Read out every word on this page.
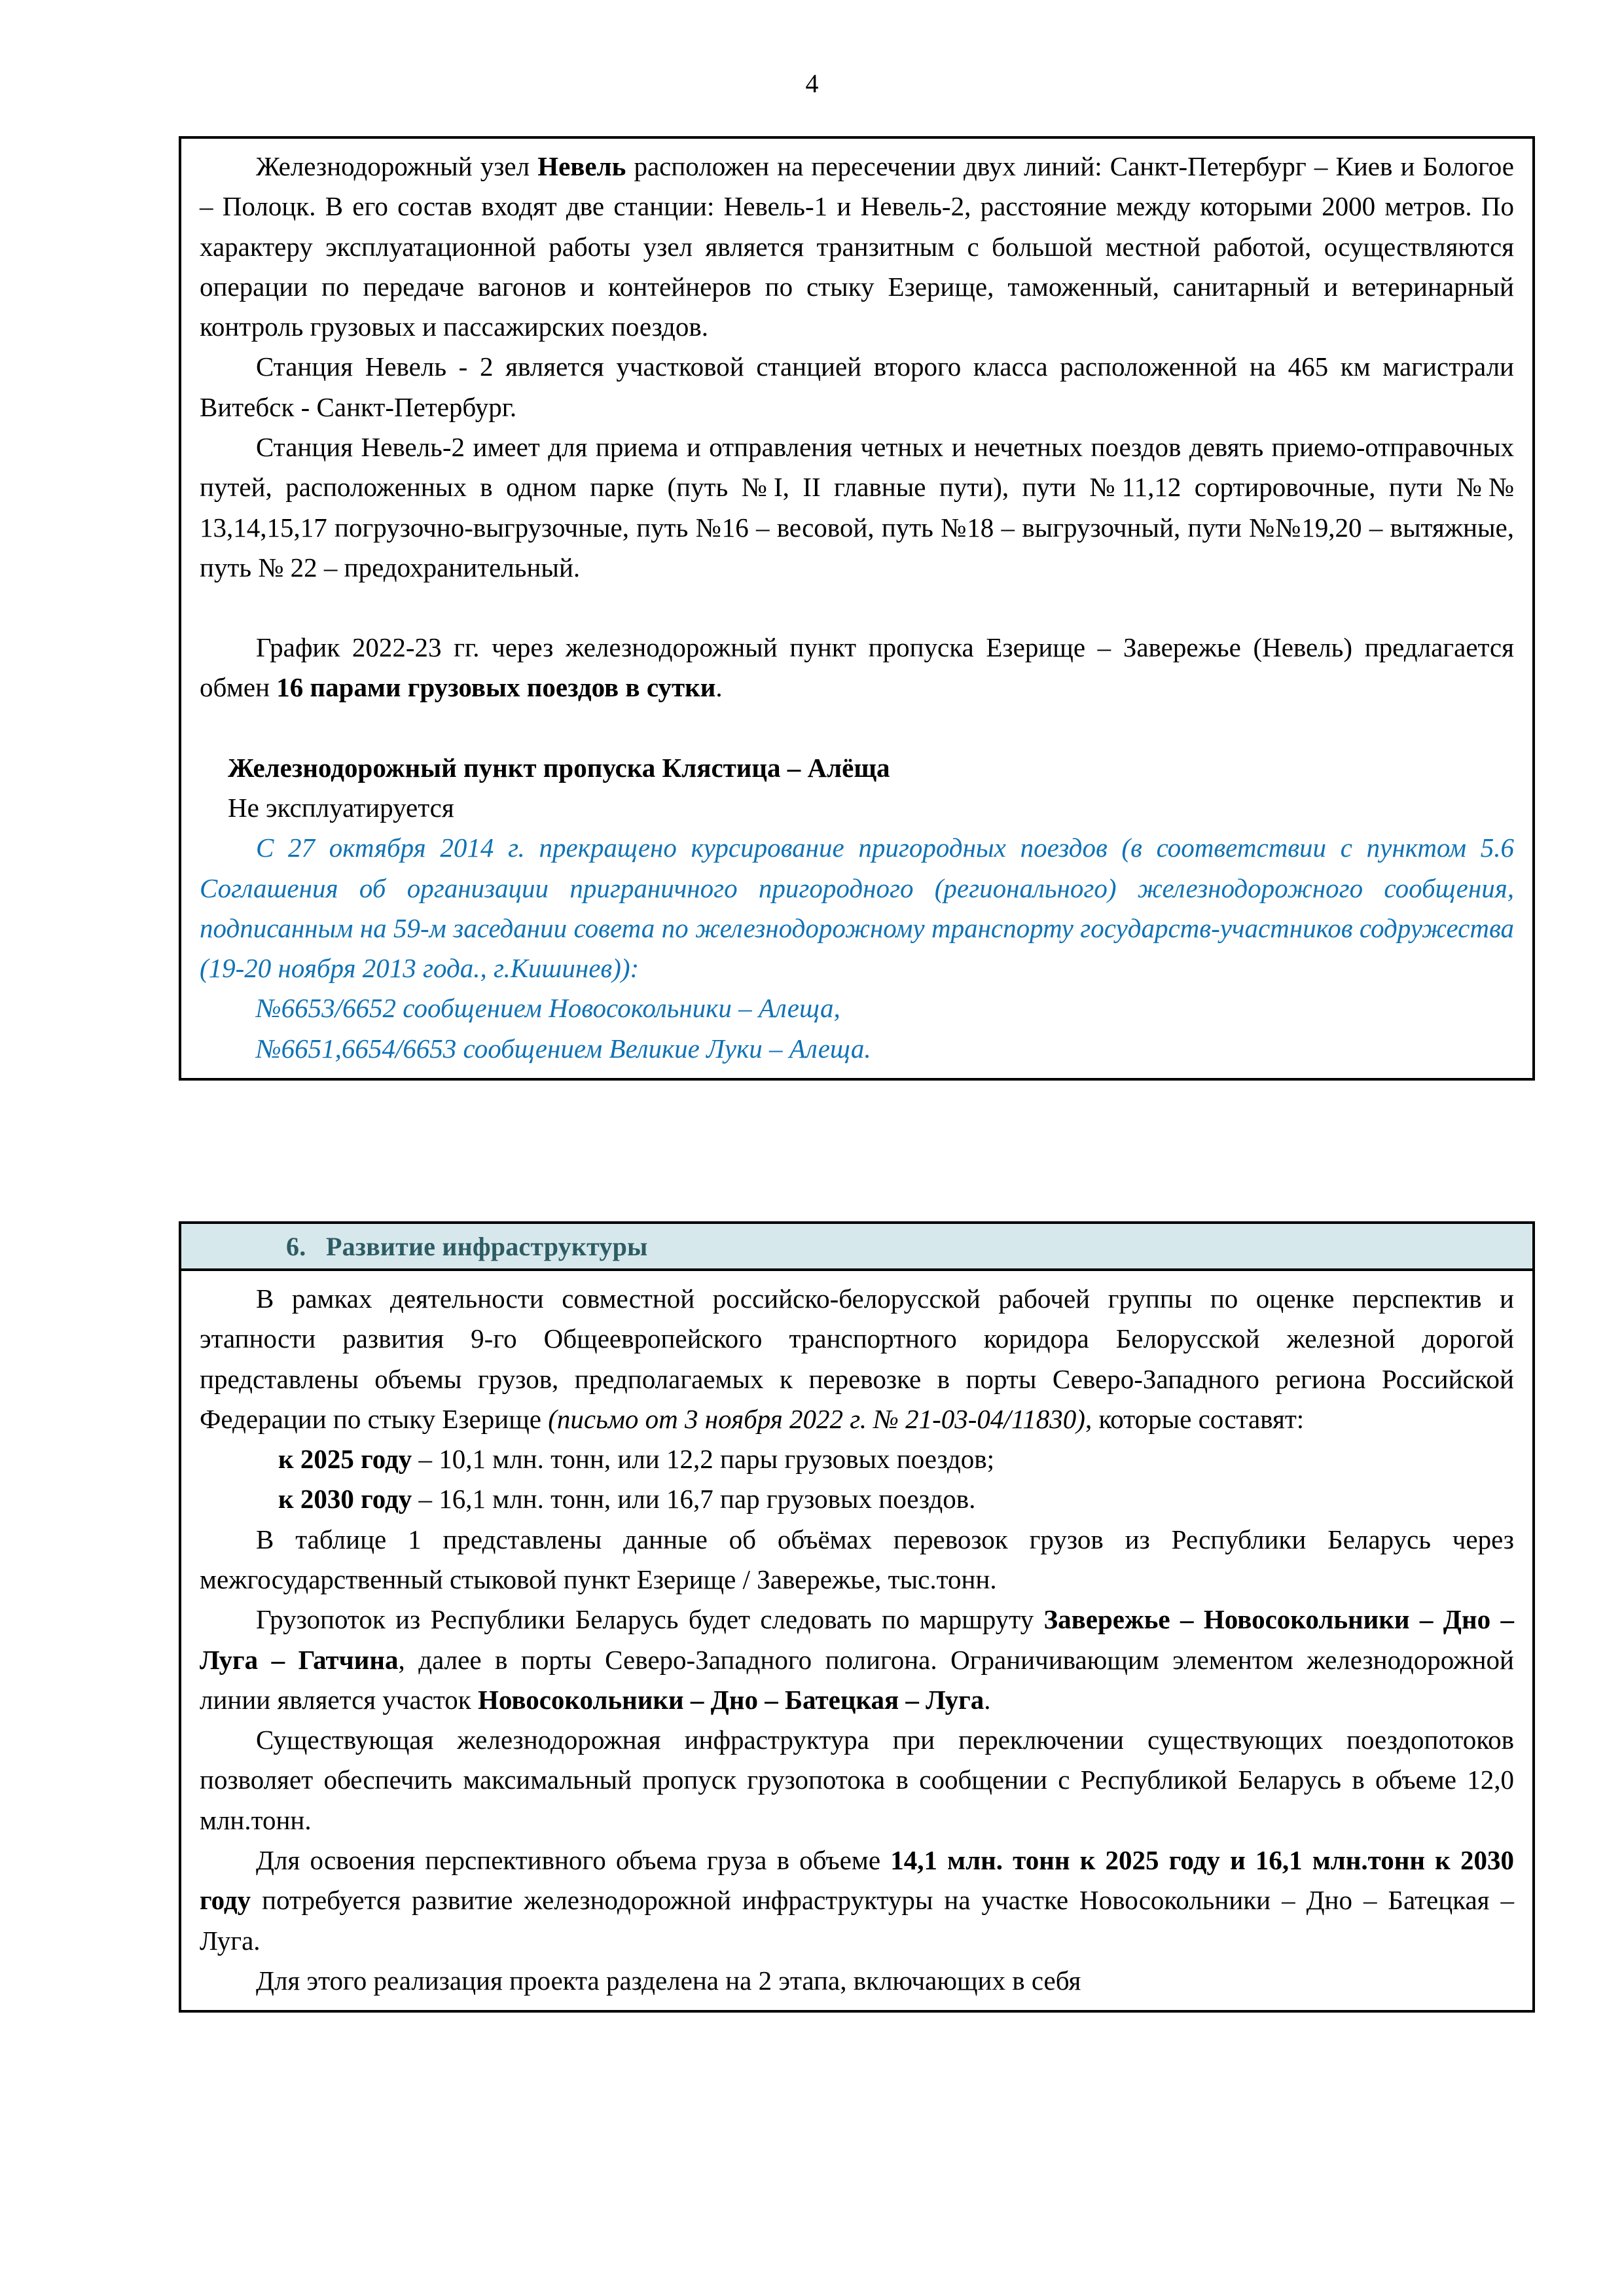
4

Железнодорожный узел Невель расположен на пересечении двух линий: Санкт-Петербург – Киев и Бологое – Полоцк. В его состав входят две станции: Невель-1 и Невель-2, расстояние между которыми 2000 метров. По характеру эксплуатационной работы узел является транзитным с большой местной работой, осуществляются операции по передаче вагонов и контейнеров по стыку Езерище, таможенный, санитарный и ветеринарный контроль грузовых и пассажирских поездов.

Станция Невель - 2 является участковой станцией второго класса расположенной на 465 км магистрали Витебск - Санкт-Петербург.

Станция Невель-2 имеет для приема и отправления четных и нечетных поездов девять приемо-отправочных путей, расположенных в одном парке (путь №I, II главные пути), пути №11,12 сортировочные, пути №№ 13,14,15,17 погрузочно-выгрузочные, путь №16 – весовой, путь №18 – выгрузочный, пути №№19,20 – вытяжные, путь № 22 – предохранительный.

График 2022-23 гг. через железнодорожный пункт пропуска Езерище – Завережье (Невель) предлагается обмен 16 парами грузовых поездов в сутки.

Железнодорожный пункт пропуска Клястица – Алёща

Не эксплуатируется

С 27 октября 2014 г. прекращено курсирование пригородных поездов (в соответствии с пунктом 5.6 Соглашения об организации приграничного пригородного (регионального) железнодорожного сообщения, подписанным на 59-м заседании совета по железнодорожному транспорту государств-участников содружества (19-20 ноября 2013 года., г.Кишинев)):

№6653/6652 сообщением Новосокольники – Алеща,

№6651,6654/6653 сообщением Великие Луки – Алеща.

6.   Развитие инфраструктуры

В рамках деятельности совместной российско-белорусской рабочей группы по оценке перспектив и этапности развития 9-го Общеевропейского транспортного коридора Белорусской железной дорогой представлены объемы грузов, предполагаемых к перевозке в порты Северо-Западного региона Российской Федерации по стыку Езерище (письмо от 3 ноября 2022 г. № 21-03-04/11830), которые составят:

к 2025 году – 10,1 млн. тонн, или 12,2 пары грузовых поездов;

к 2030 году – 16,1 млн. тонн, или 16,7 пар грузовых поездов.

В таблице 1 представлены данные об объёмах перевозок грузов из Республики Беларусь через межгосударственный стыковой пункт Езерище / Завережье, тыс.тонн.

Грузопоток из Республики Беларусь будет следовать по маршруту Завережье – Новосокольники – Дно – Луга – Гатчина, далее в порты Северо-Западного полигона. Ограничивающим элементом железнодорожной линии является участок Новосокольники – Дно – Батецкая – Луга.

Существующая железнодорожная инфраструктура при переключении существующих поездопотоков позволяет обеспечить максимальный пропуск грузопотока в сообщении с Республикой Беларусь в объеме 12,0 млн.тонн.

Для освоения перспективного объема груза в объеме 14,1 млн. тонн к 2025 году и 16,1 млн.тонн к 2030 году потребуется развитие железнодорожной инфраструктуры на участке Новосокольники – Дно – Батецкая – Луга.

Для этого реализация проекта разделена на 2 этапа, включающих в себя
